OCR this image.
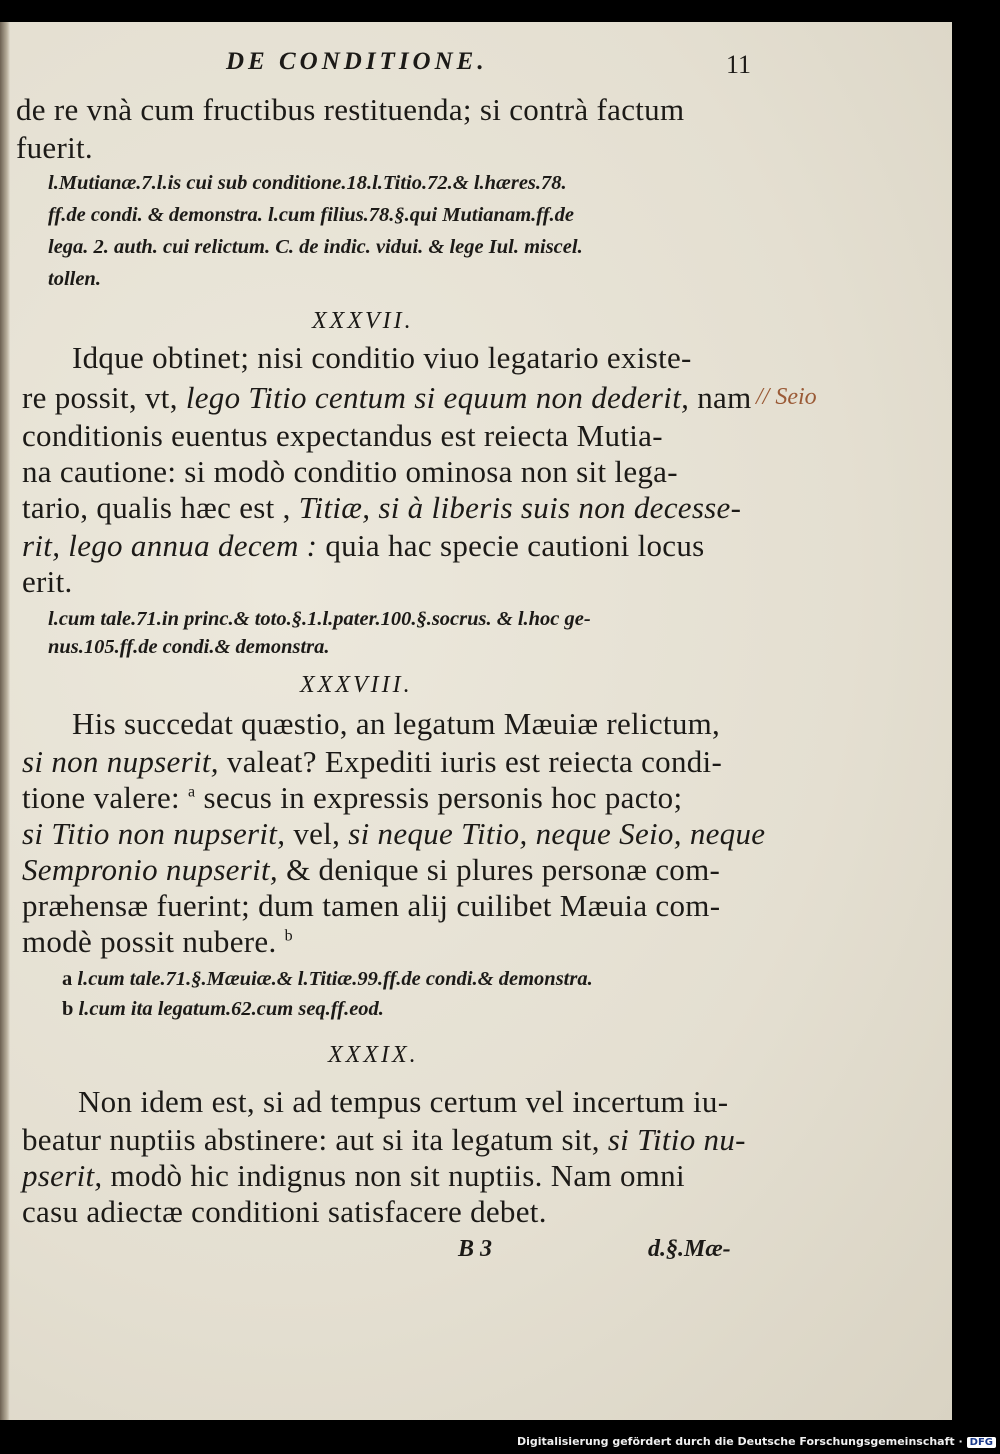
DE CONDITIONE.	11
de re vnà cum fructibus restituenda; si contrà factum
fuerit.
l.Mutianæ.7.l.is cui sub conditione.18.l.Titio.72.& l.hæres.78.
ff.de condi. & demonstra. l.cum filius.78.§.qui Mutianam.ff.de
lega. 2. auth. cui relictum. C. de indic. vidui. & lege Iul. miscel.
tollen.
XXXVII.
Idque obtinet; nisi conditio viuo legatario existe-
re possit, vt, lego Titio centum si equum non dederit, nam // Seio
conditionis euentus expectandus est reiecta Mutia-
na cautione: si modò conditio ominosa non sit lega-
tario, qualis hæc est , Titiæ, si à liberis suis non decesse-
rit, lego annua decem : quia hac specie cautioni locus
erit.
l.cum tale.71.in princ.& toto.§.1.l.pater.100.§.socrus. & l.hoc ge-
nus.105.ff.de condi.& demonstra.
XXXVIII.
His succedat quæstio, an legatum Mæuiæ relictum,
si non nupserit, valeat? Expediti iuris est reiecta condi-
tione valere: $^a$ secus in expressis personis hoc pacto;
si Titio non nupserit, vel, si neque Titio, neque Seio, neque
Sempronio nupserit, & denique si plures personæ com-
præhensæ fuerint; dum tamen alij cuilibet Mæuia com-
modè possit nubere. $^b$
a l.cum tale.71.§.Mæuiæ.& l.Titiæ.99.ff.de condi.& demonstra.
b l.cum ita legatum.62.cum seq.ff.eod.
XXXIX.
Non idem est, si ad tempus certum vel incertum iu-
beatur nuptiis abstinere: aut si ita legatum sit, si Titio nu-
pserit, modò hic indignus non sit nuptiis. Nam omni
casu adiectæ conditioni satisfacere debet.
B 3	d.§.Mæ-
Digitalisierung gefördert durch die Deutsche Forschungsgemeinschaft · DFG
